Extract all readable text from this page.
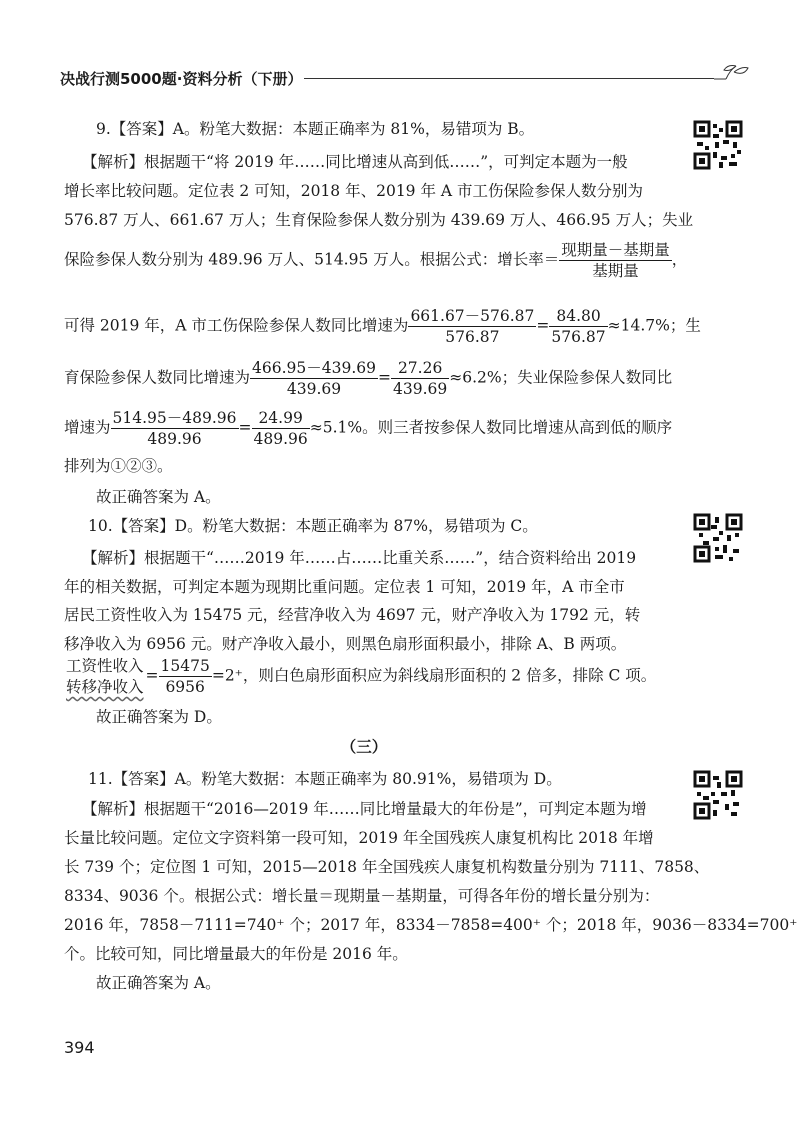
决战行测5000题·资料分析（下册）
9.【答案】A。粉笔大数据：本题正确率为 81%，易错项为 B。
【解析】根据题干“将 2019 年……同比增速从高到低……”，可判定本题为一般
增长率比较问题。定位表 2 可知，2018 年、2019 年 A 市工伤保险参保人数分别为
576.87 万人、661.67 万人；生育保险参保人数分别为 439.69 万人、466.95 万人；失业
保险参保人数分别为 489.96 万人、514.95 万人。根据公式：增长率＝ $\frac{\text{现期量－基期量}}{\text{基期量}}$ ，
可得 2019 年，A 市工伤保险参保人数同比增速为 $\frac{661.67-576.87}{576.87} = \frac{84.80}{576.87} \approx 14.7\%$；生
育保险参保人数同比增速为 $\frac{466.95-439.69}{439.69} = \frac{27.26}{439.69} \approx 6.2\%$；失业保险参保人数同比
增速为 $\frac{514.95-489.96}{489.96} = \frac{24.99}{489.96} \approx 5.1\%$。则三者按参保人数同比增速从高到低的顺序
排列为①②③。
故正确答案为 A。
10.【答案】D。粉笔大数据：本题正确率为 87%，易错项为 C。
【解析】根据题干“……2019 年……占……比重关系……”，结合资料给出 2019
年的相关数据，可判定本题为现期比重问题。定位表 1 可知，2019 年，A 市全市
居民工资性收入为 15475 元，经营净收入为 4697 元，财产净收入为 1792 元，转
移净收入为 6956 元。财产净收入最小，则黑色扇形面积最小，排除 A、B 两项。
工资性收入
转移净收入
= $\frac{15475}{6956} =2^+$，则白色扇形面积应为斜线扇形面积的 2 倍多，排除 C 项。
故正确答案为 D。
（三）
11.【答案】A。粉笔大数据：本题正确率为 80.91%，易错项为 D。
【解析】根据题干“2016—2019 年……同比增量最大的年份是”，可判定本题为增
长量比较问题。定位文字资料第一段可知，2019 年全国残疾人康复机构比 2018 年增
长 739 个；定位图 1 可知，2015—2018 年全国残疾人康复机构数量分别为 7111、7858、
8334、9036 个。根据公式：增长量＝现期量－基期量，可得各年份的增长量分别为：
2016 年，7858－7111=740⁺ 个；2017 年，8334－7858=400⁺ 个；2018 年，9036－8334=700⁺
个。比较可知，同比增量最大的年份是 2016 年。
故正确答案为 A。
394
